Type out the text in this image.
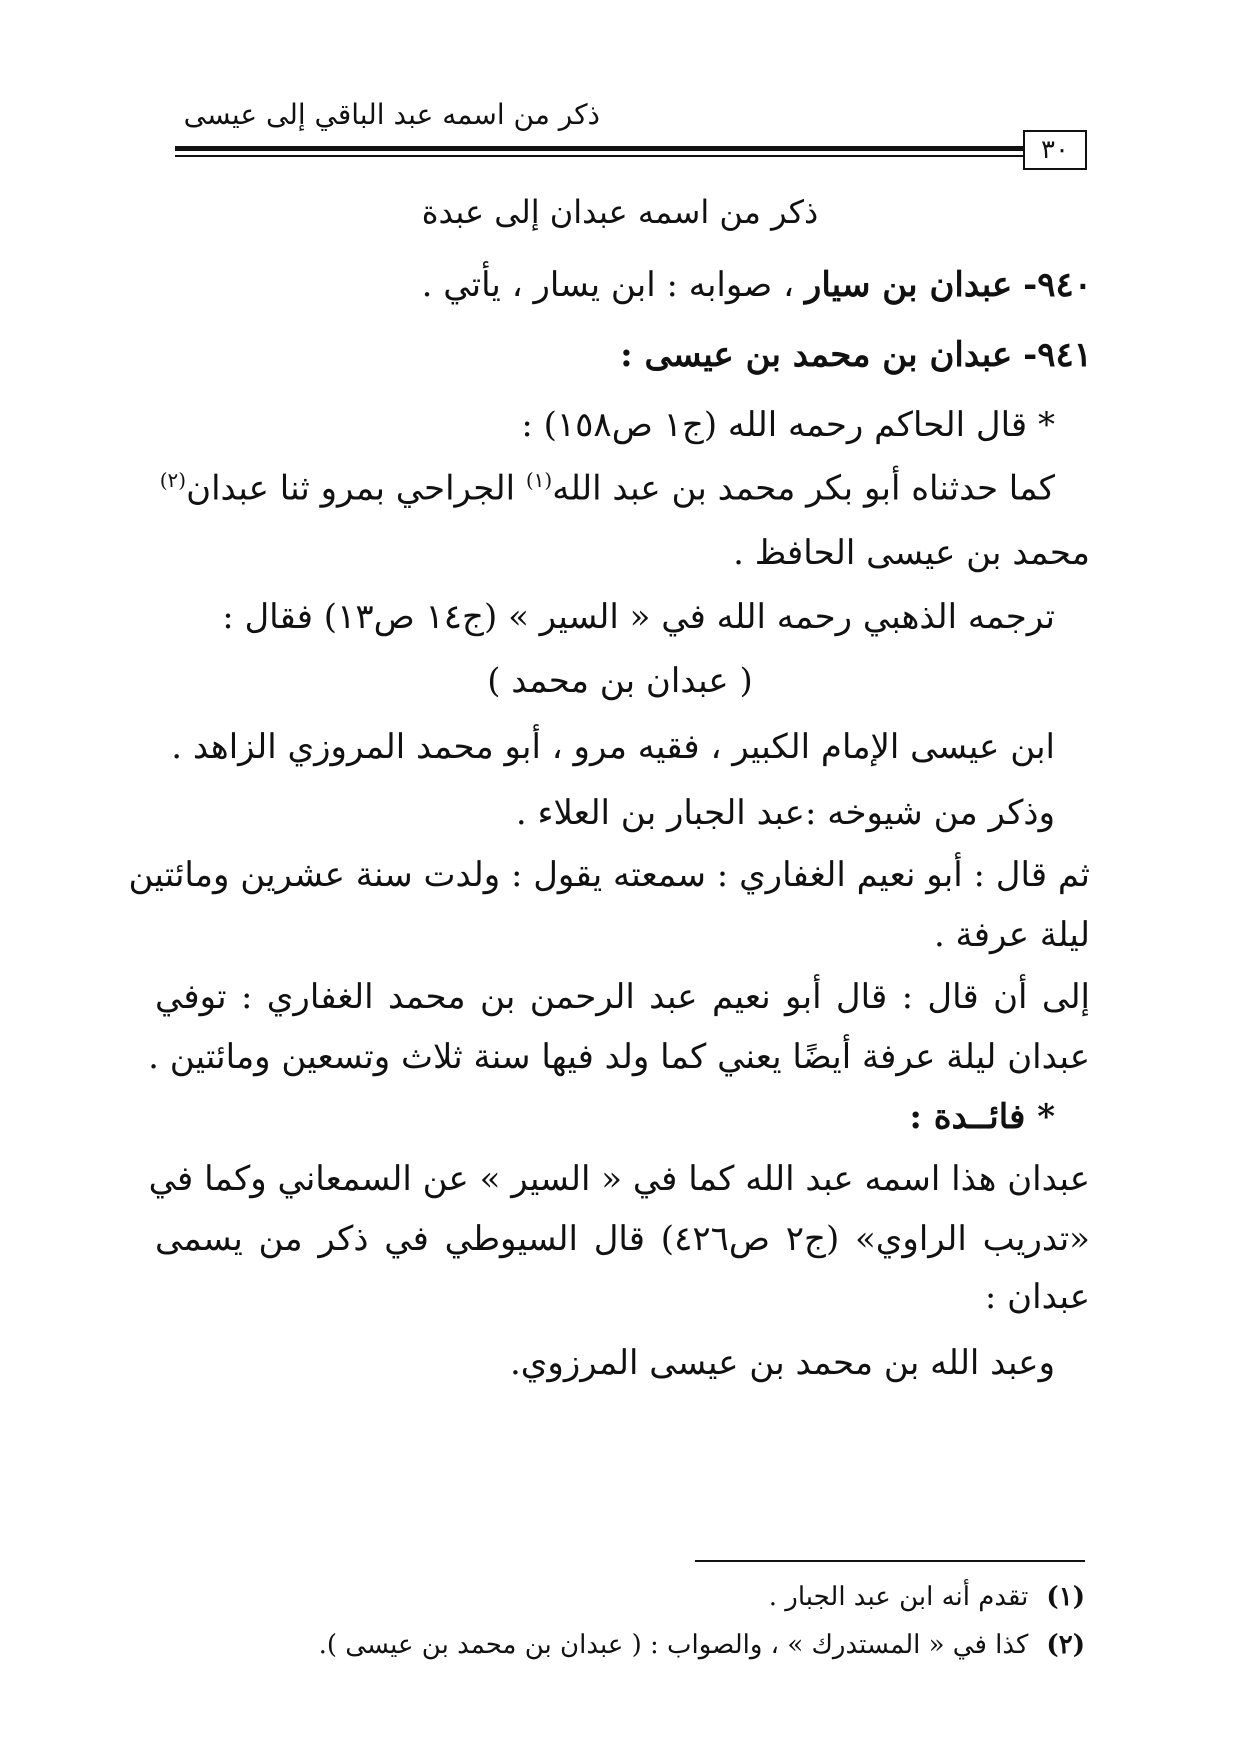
ذكر من اسمه عبد الباقي إلى عيسى
٣٠
ذكر من اسمه عبدان إلى عبدة
٩٤٠- عبدان بن سيار ، صوابه : ابن يسار ، يأتي .
٩٤١- عبدان بن محمد بن عيسى :
* قال الحاكم رحمه الله (ج١ ص١٥٨) :
كما حدثناه أبو بكر محمد بن عبد الله$^{(١)}$ الجراحي بمرو ثنا عبدان$^{(٢)}$
محمد بن عيسى الحافظ .
ترجمه الذهبي رحمه الله في « السير » (ج١٤ ص١٣) فقال :
( عبدان بن محمد )
ابن عيسى الإمام الكبير ، فقيه مرو ، أبو محمد المروزي الزاهد .
وذكر من شيوخه :عبد الجبار بن العلاء .
ثم قال : أبو نعيم الغفاري : سمعته يقول : ولدت سنة عشرين ومائتين
ليلة عرفة .
إلى أن قال : قال أبو نعيم عبد الرحمن بن محمد الغفاري : توفي
عبدان ليلة عرفة أيضًا يعني كما ولد فيها سنة ثلاث وتسعين ومائتين .
* فائــدة :
عبدان هذا اسمه عبد الله كما في « السير » عن السمعاني وكما في
«تدريب الراوي» (ج٢ ص٤٢٦) قال السيوطي في ذكر من يسمى
عبدان :
وعبد الله بن محمد بن عيسى المرزوي.
(١)تقدم أنه ابن عبد الجبار .
(٢)كذا في « المستدرك » ، والصواب : ( عبدان بن محمد بن عيسى ).
